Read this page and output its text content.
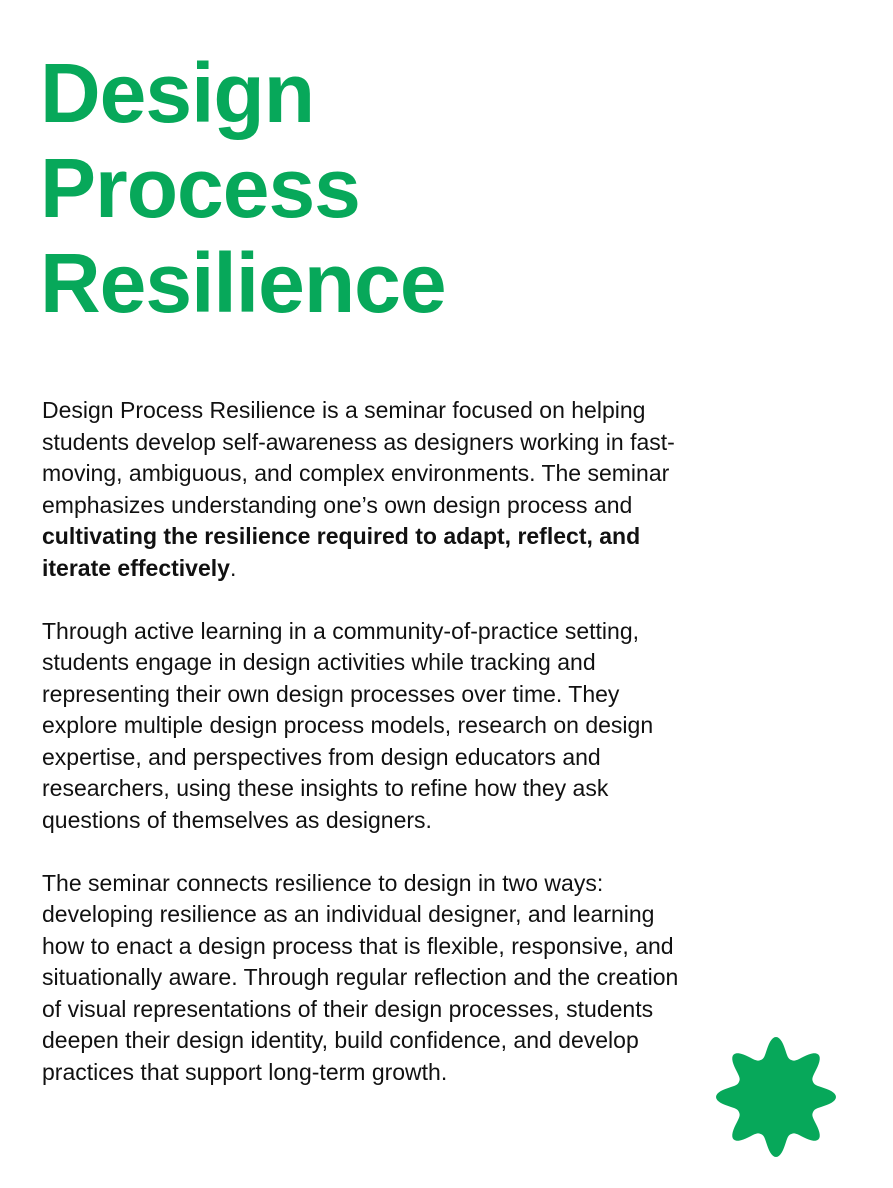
Design
Process
Resilience

Design Process Resilience is a seminar focused on helping students develop self-awareness as designers working in fast-moving, ambiguous, and complex environments. The seminar emphasizes understanding one’s own design process and cultivating the resilience required to adapt, reflect, and iterate effectively.

Through active learning in a community-of-practice setting, students engage in design activities while tracking and representing their own design processes over time. They explore multiple design process models, research on design expertise, and perspectives from design educators and researchers, using these insights to refine how they ask questions of themselves as designers.

The seminar connects resilience to design in two ways: developing resilience as an individual designer, and learning how to enact a design process that is flexible, responsive, and situationally aware. Through regular reflection and the creation of visual representations of their design processes, students deepen their design identity, build confidence, and develop practices that support long-term growth.
